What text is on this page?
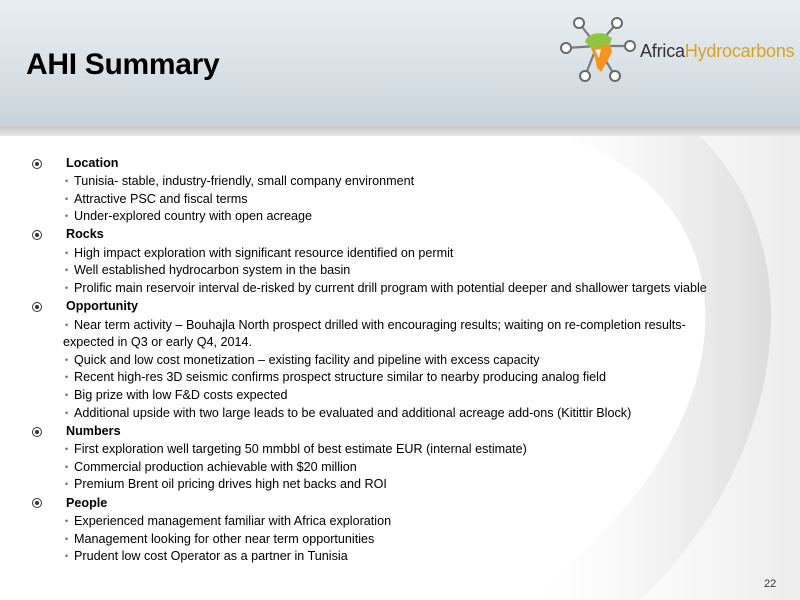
AHI Summary	AfricaHydrocarbons
Location
• Tunisia- stable, industry-friendly, small company environment
• Attractive PSC and fiscal terms
• Under-explored country with open acreage
Rocks
• High impact exploration with significant resource identified on permit
• Well established hydrocarbon system in the basin
• Prolific main reservoir interval de-risked by current drill program with potential deeper and shallower targets viable
Opportunity
• Near term activity – Bouhajla North prospect drilled with encouraging results; waiting on re-completion results-
expected in Q3 or early Q4, 2014.
• Quick and low cost monetization – existing facility and pipeline with excess capacity
• Recent high-res 3D seismic confirms prospect structure similar to nearby producing analog field
• Big prize with low F&D costs expected
• Additional upside with two large leads to be evaluated and additional acreage add-ons (Kitittir Block)
Numbers
• First exploration well targeting 50 mmbbl of best estimate EUR (internal estimate)
• Commercial production achievable with $20 million
• Premium Brent oil pricing drives high net backs and ROI
People
• Experienced management familiar with Africa exploration
• Management looking for other near term opportunities
• Prudent low cost Operator as a partner in Tunisia
22
